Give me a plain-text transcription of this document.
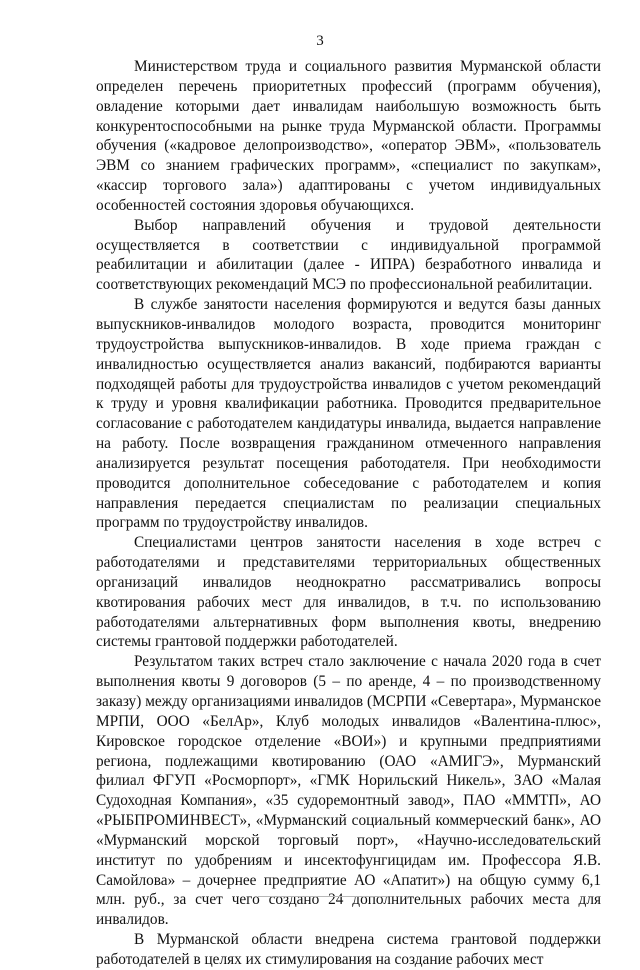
3

Министерством труда и социального развития Мурманской области определен перечень приоритетных профессий (программ обучения), овладение которыми дает инвалидам наибольшую возможность быть конкурентоспособными на рынке труда Мурманской области. Программы обучения («кадровое делопроизводство», «оператор ЭВМ», «пользователь ЭВМ со знанием графических программ», «специалист по закупкам», «кассир торгового зала») адаптированы с учетом индивидуальных особенностей состояния здоровья обучающихся.

Выбор направлений обучения и трудовой деятельности осуществляется в соответствии с индивидуальной программой реабилитации и абилитации (далее - ИПРА) безработного инвалида и соответствующих рекомендаций МСЭ по профессиональной реабилитации.

В службе занятости населения формируются и ведутся базы данных выпускников-инвалидов молодого возраста, проводится мониторинг трудоустройства выпускников-инвалидов. В ходе приема граждан с инвалидностью осуществляется анализ вакансий, подбираются варианты подходящей работы для трудоустройства инвалидов с учетом рекомендаций к труду и уровня квалификации работника. Проводится предварительное согласование с работодателем кандидатуры инвалида, выдается направление на работу. После возвращения гражданином отмеченного направления анализируется результат посещения работодателя. При необходимости проводится дополнительное собеседование с работодателем и копия направления передается специалистам по реализации специальных программ по трудоустройству инвалидов.

Специалистами центров занятости населения в ходе встреч с работодателями и представителями территориальных общественных организаций инвалидов неоднократно рассматривались вопросы квотирования рабочих мест для инвалидов, в т.ч. по использованию работодателями альтернативных форм выполнения квоты, внедрению системы грантовой поддержки работодателей.

Результатом таких встреч стало заключение с начала 2020 года в счет выполнения квоты 9 договоров (5 – по аренде, 4 – по производственному заказу) между организациями инвалидов (МСРПИ «Севертара», Мурманское МРПИ, ООО «БелАр», Клуб молодых инвалидов «Валентина-плюс», Кировское городское отделение «ВОИ») и крупными предприятиями региона, подлежащими квотированию (ОАО «АМИГЭ», Мурманский филиал ФГУП «Росморпорт», «ГМК Норильский Никель», ЗАО «Малая Судоходная Компания», «35 судоремонтный завод», ПАО «ММТП», АО «РЫБПРОМИНВЕСТ», «Мурманский социальный коммерческий банк», АО «Мурманский морской торговый порт», «Научно-исследовательский институт по удобрениям и инсектофунгицидам им. Профессора Я.В. Самойлова» – дочернее предприятие АО «Апатит») на общую сумму 6,1 млн. руб., за счет чего создано 24 дополнительных рабочих места для инвалидов.

В Мурманской области внедрена система грантовой поддержки работодателей в целях их стимулирования на создание рабочих мест
